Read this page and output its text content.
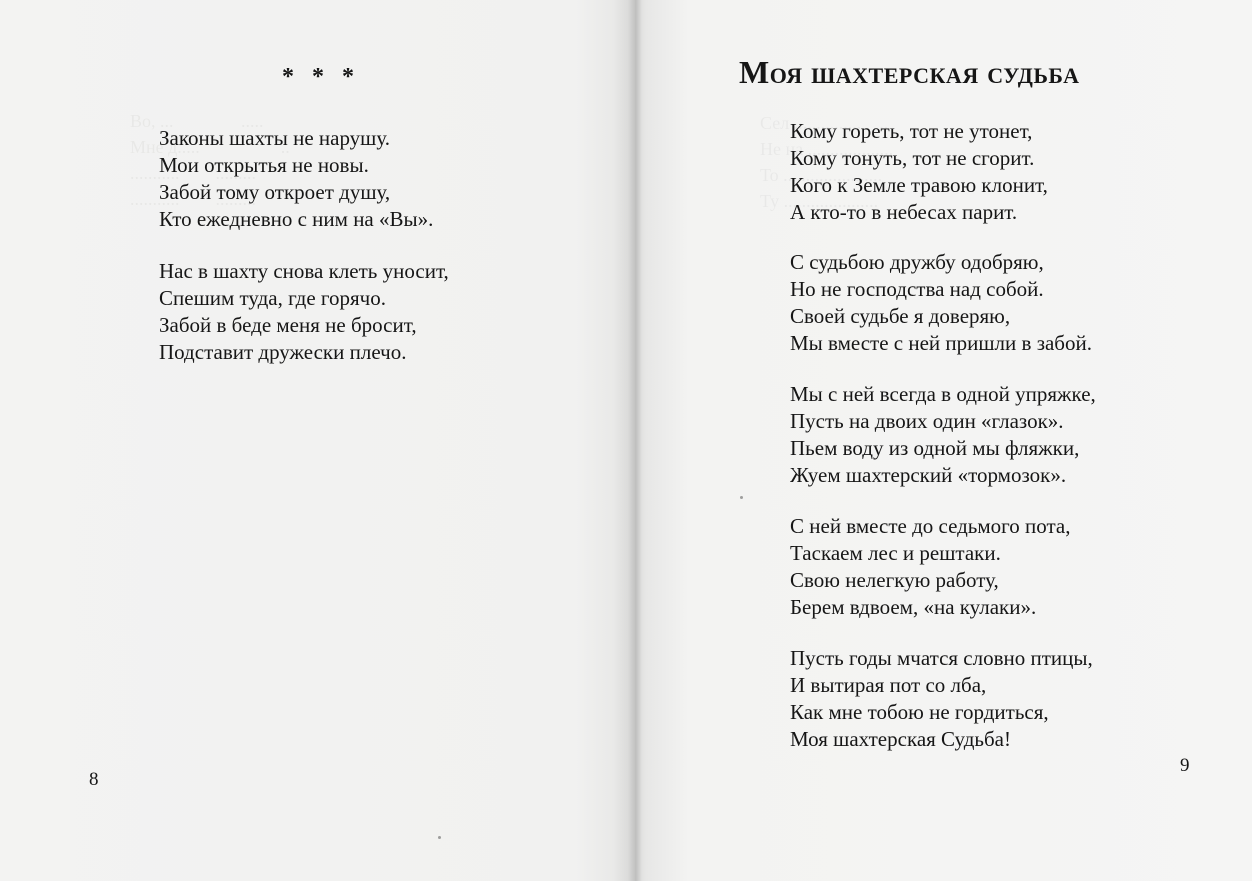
* * *
Законы шахты не нарушу.
Мои открытья не новы.
Забой тому откроет душу,
Кто ежедневно с ним на «Вы».
Нас в шахту снова клеть уносит,
Спешим туда, где горячо.
Забой в беде меня не бросит,
Подставит дружески плечо.
8
Моя шахтерская судьба
Кому гореть, тот не утонет,
Кому тонуть, тот не сгорит.
Кого к Земле травою клонит,
А кто-то в небесах парит.
С судьбою дружбу одобряю,
Но не господства над собой.
Своей судьбе я доверяю,
Мы вместе с ней пришли в забой.
Мы с ней всегда в одной упряжке,
Пусть на двоих один «глазок».
Пьем воду из одной мы фляжки,
Жуем шахтерский «тормозок».
С ней вместе до седьмого пота,
Таскаем лес и рештаки.
Свою нелегкую работу,
Берем вдвоем, «на кулаки».
Пусть годы мчатся словно птицы,
И вытирая пот со лба,
Как мне тобою не гордиться,
Моя шахтерская Судьба!
9
